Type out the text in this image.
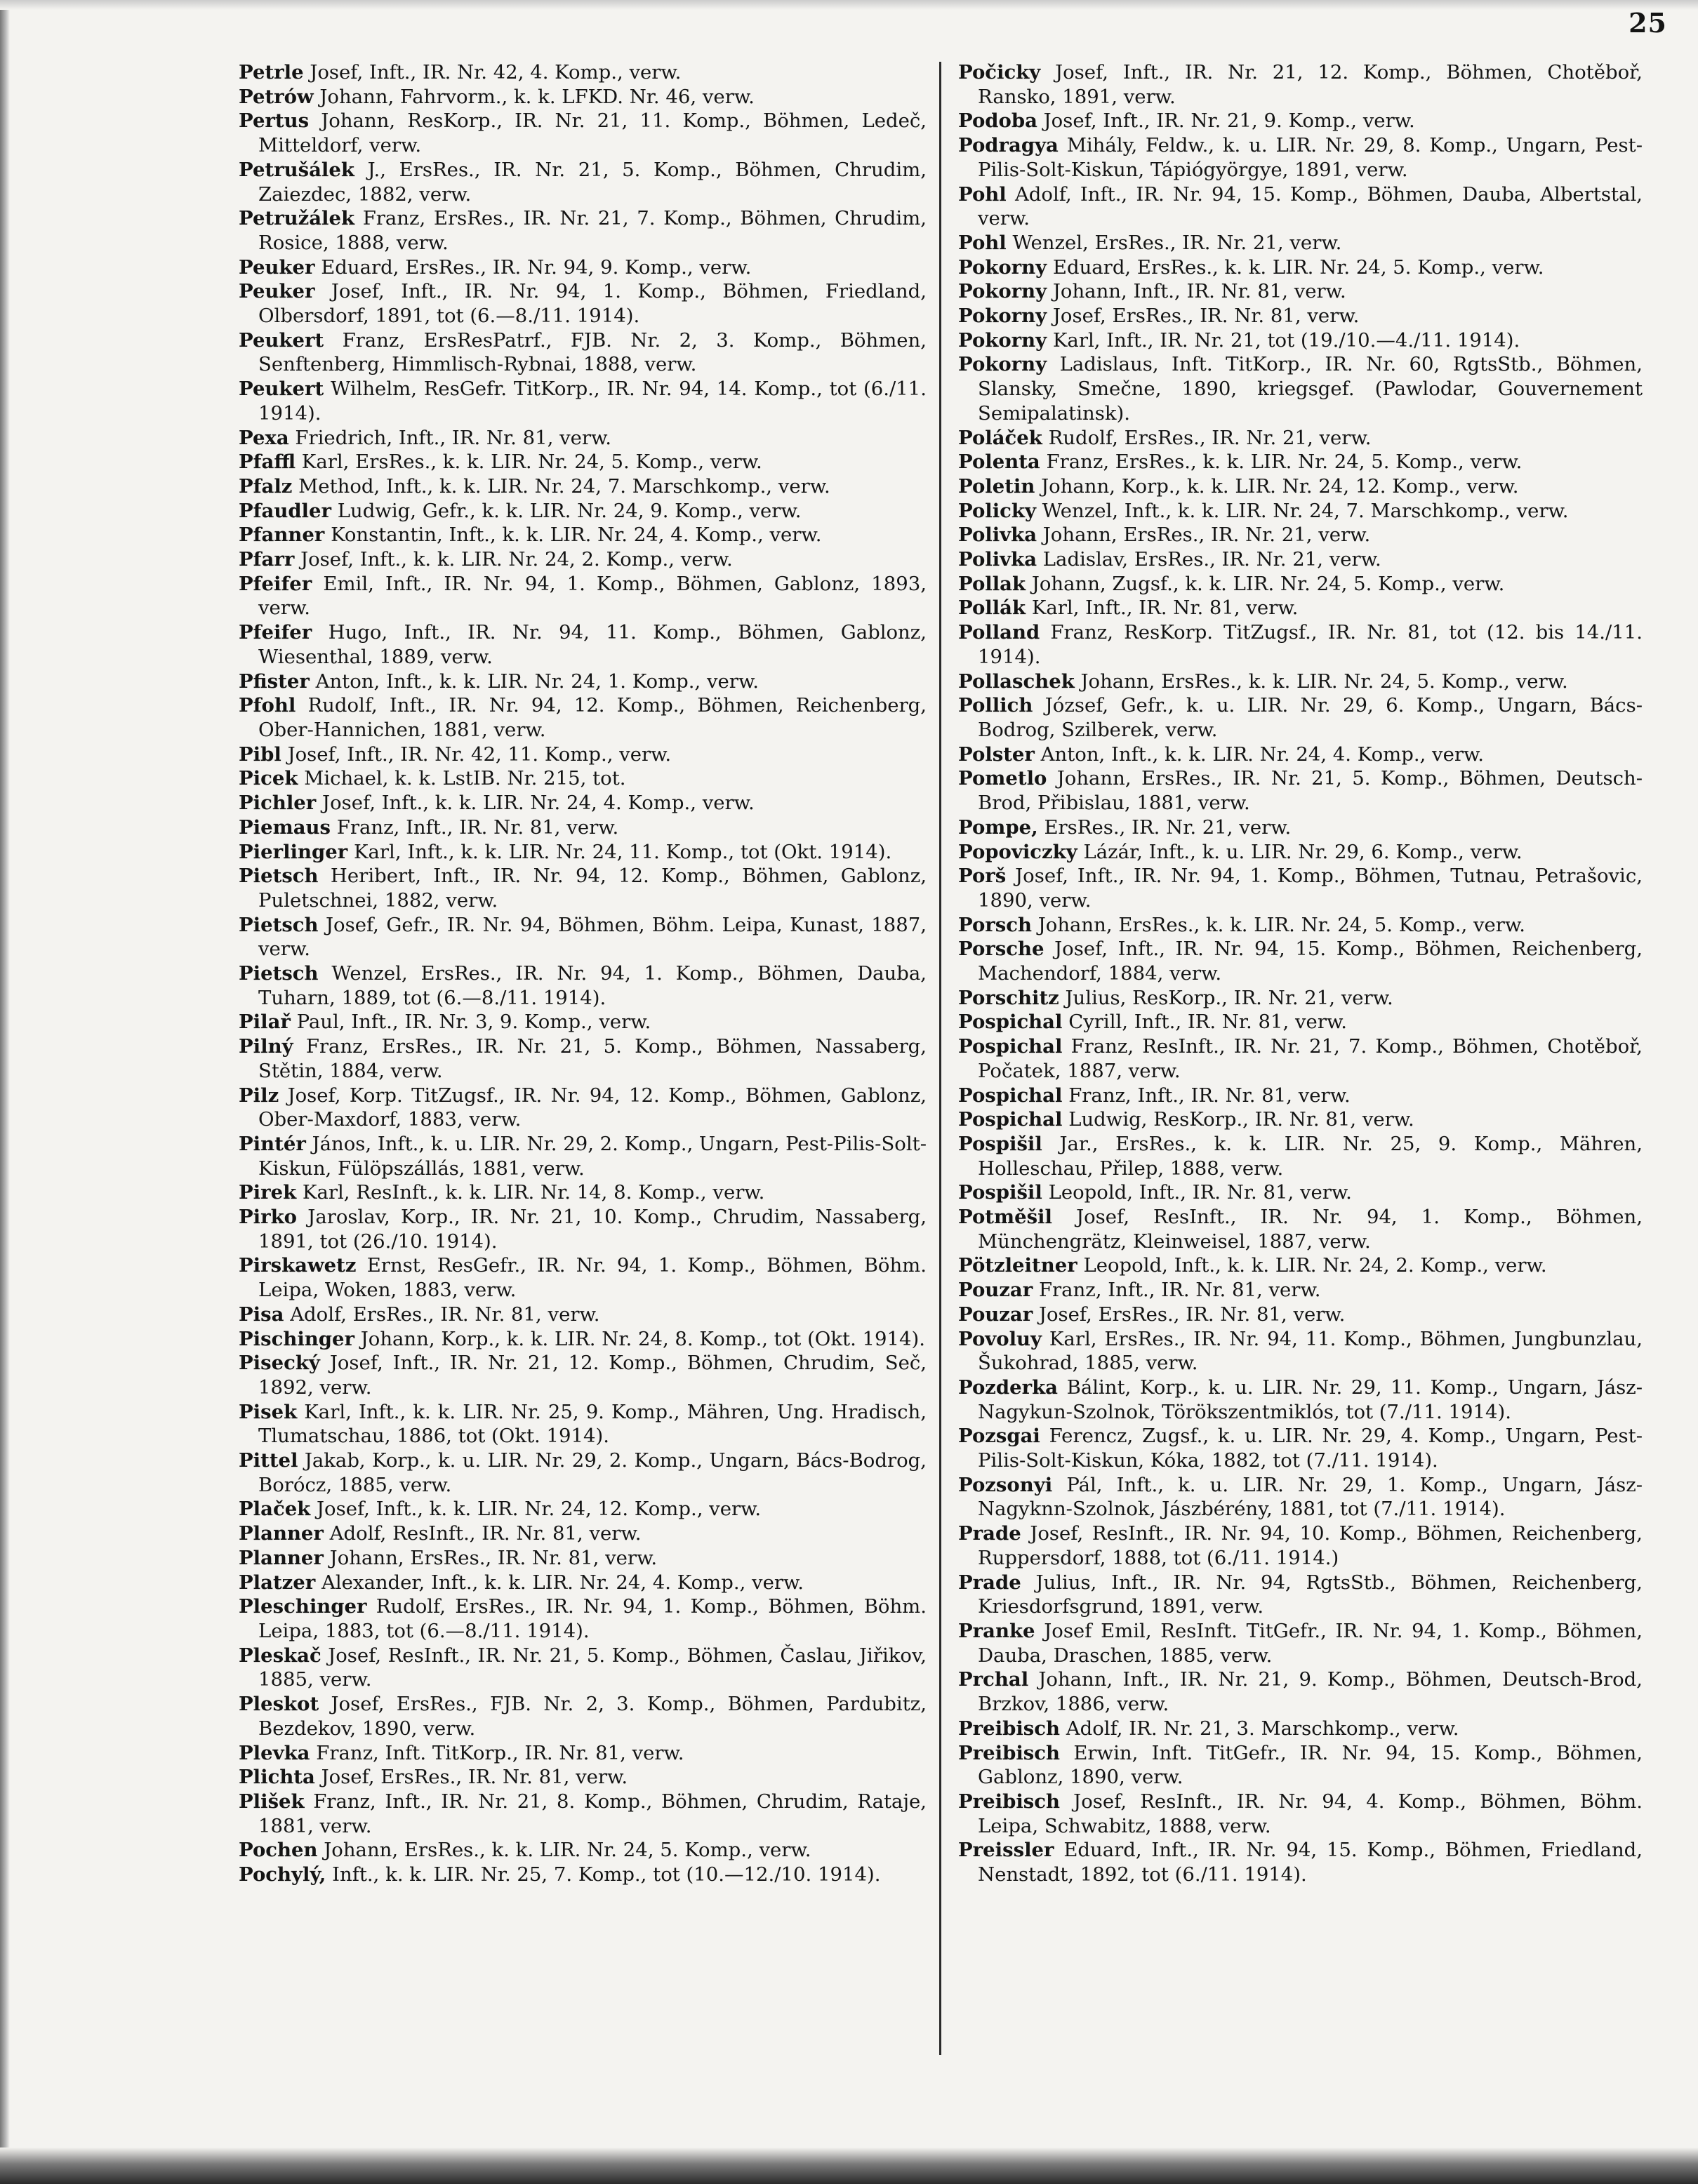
25

Petrle Josef, Inft., IR. Nr. 42, 4. Komp., verw.

Petrów Johann, Fahrvorm., k. k. LFKD. Nr. 46, verw.

Pertus Johann, ResKorp., IR. Nr. 21, 11. Komp., Böhmen, Ledeč, Mitteldorf, verw.

Petrušálek J., ErsRes., IR. Nr. 21, 5. Komp., Böhmen, Chrudim, Zaiezdec, 1882, verw.

Petružálek Franz, ErsRes., IR. Nr. 21, 7. Komp., Böhmen, Chrudim, Rosice, 1888, verw.

Peuker Eduard, ErsRes., IR. Nr. 94, 9. Komp., verw.

Peuker Josef, Inft., IR. Nr. 94, 1. Komp., Böhmen, Friedland, Olbersdorf, 1891, tot (6.—8./11. 1914).

Peukert Franz, ErsResPatrf., FJB. Nr. 2, 3. Komp., Böhmen, Senftenberg, Himmlisch-Rybnai, 1888, verw.

Peukert Wilhelm, ResGefr. TitKorp., IR. Nr. 94, 14. Komp., tot (6./11. 1914).

Pexa Friedrich, Inft., IR. Nr. 81, verw.

Pfaffl Karl, ErsRes., k. k. LIR. Nr. 24, 5. Komp., verw.

Pfalz Method, Inft., k. k. LIR. Nr. 24, 7. Marschkomp., verw.

Pfaudler Ludwig, Gefr., k. k. LIR. Nr. 24, 9. Komp., verw.

Pfanner Konstantin, Inft., k. k. LIR. Nr. 24, 4. Komp., verw.

Pfarr Josef, Inft., k. k. LIR. Nr. 24, 2. Komp., verw.

Pfeifer Emil, Inft., IR. Nr. 94, 1. Komp., Böhmen, Gablonz, 1893, verw.

Pfeifer Hugo, Inft., IR. Nr. 94, 11. Komp., Böhmen, Gablonz, Wiesenthal, 1889, verw.

Pfister Anton, Inft., k. k. LIR. Nr. 24, 1. Komp., verw.

Pfohl Rudolf, Inft., IR. Nr. 94, 12. Komp., Böhmen, Reichenberg, Ober-Hannichen, 1881, verw.

Pibl Josef, Inft., IR. Nr. 42, 11. Komp., verw.

Picek Michael, k. k. LstIB. Nr. 215, tot.

Pichler Josef, Inft., k. k. LIR. Nr. 24, 4. Komp., verw.

Piemaus Franz, Inft., IR. Nr. 81, verw.

Pierlinger Karl, Inft., k. k. LIR. Nr. 24, 11. Komp., tot (Okt. 1914).

Pietsch Heribert, Inft., IR. Nr. 94, 12. Komp., Böhmen, Gablonz, Puletschnei, 1882, verw.

Pietsch Josef, Gefr., IR. Nr. 94, Böhmen, Böhm. Leipa, Kunast, 1887, verw.

Pietsch Wenzel, ErsRes., IR. Nr. 94, 1. Komp., Böhmen, Dauba, Tuharn, 1889, tot (6.—8./11. 1914).

Pilař Paul, Inft., IR. Nr. 3, 9. Komp., verw.

Pilný Franz, ErsRes., IR. Nr. 21, 5. Komp., Böhmen, Nassaberg, Stětin, 1884, verw.

Pilz Josef, Korp. TitZugsf., IR. Nr. 94, 12. Komp., Böhmen, Gablonz, Ober-Maxdorf, 1883, verw.

Pintér János, Inft., k. u. LIR. Nr. 29, 2. Komp., Ungarn, Pest-Pilis-Solt-Kiskun, Fülöpszállás, 1881, verw.

Pirek Karl, ResInft., k. k. LIR. Nr. 14, 8. Komp., verw.

Pirko Jaroslav, Korp., IR. Nr. 21, 10. Komp., Chrudim, Nassaberg, 1891, tot (26./10. 1914).

Pirskawetz Ernst, ResGefr., IR. Nr. 94, 1. Komp., Böhmen, Böhm. Leipa, Woken, 1883, verw.

Pisa Adolf, ErsRes., IR. Nr. 81, verw.

Pischinger Johann, Korp., k. k. LIR. Nr. 24, 8. Komp., tot (Okt. 1914).

Pisecký Josef, Inft., IR. Nr. 21, 12. Komp., Böhmen, Chrudim, Seč, 1892, verw.

Pisek Karl, Inft., k. k. LIR. Nr. 25, 9. Komp., Mähren, Ung. Hradisch, Tlumatschau, 1886, tot (Okt. 1914).

Pittel Jakab, Korp., k. u. LIR. Nr. 29, 2. Komp., Ungarn, Bács-Bodrog, Borócz, 1885, verw.

Plaček Josef, Inft., k. k. LIR. Nr. 24, 12. Komp., verw.

Planner Adolf, ResInft., IR. Nr. 81, verw.

Planner Johann, ErsRes., IR. Nr. 81, verw.

Platzer Alexander, Inft., k. k. LIR. Nr. 24, 4. Komp., verw.

Pleschinger Rudolf, ErsRes., IR. Nr. 94, 1. Komp., Böhmen, Böhm. Leipa, 1883, tot (6.—8./11. 1914).

Pleskač Josef, ResInft., IR. Nr. 21, 5. Komp., Böhmen, Časlau, Jiřikov, 1885, verw.

Pleskot Josef, ErsRes., FJB. Nr. 2, 3. Komp., Böhmen, Pardubitz, Bezdekov, 1890, verw.

Plevka Franz, Inft. TitKorp., IR. Nr. 81, verw.

Plichta Josef, ErsRes., IR. Nr. 81, verw.

Plišek Franz, Inft., IR. Nr. 21, 8. Komp., Böhmen, Chrudim, Rataje, 1881, verw.

Pochen Johann, ErsRes., k. k. LIR. Nr. 24, 5. Komp., verw.

Pochylý, Inft., k. k. LIR. Nr. 25, 7. Komp., tot (10.—12./10. 1914).

Počicky Josef, Inft., IR. Nr. 21, 12. Komp., Böhmen, Chotěboř, Ransko, 1891, verw.

Podoba Josef, Inft., IR. Nr. 21, 9. Komp., verw.

Podragya Mihály, Feldw., k. u. LIR. Nr. 29, 8. Komp., Ungarn, Pest-Pilis-Solt-Kiskun, Tápiógyörgye, 1891, verw.

Pohl Adolf, Inft., IR. Nr. 94, 15. Komp., Böhmen, Dauba, Albertstal, verw.

Pohl Wenzel, ErsRes., IR. Nr. 21, verw.

Pokorny Eduard, ErsRes., k. k. LIR. Nr. 24, 5. Komp., verw.

Pokorny Johann, Inft., IR. Nr. 81, verw.

Pokorny Josef, ErsRes., IR. Nr. 81, verw.

Pokorny Karl, Inft., IR. Nr. 21, tot (19./10.—4./11. 1914).

Pokorny Ladislaus, Inft. TitKorp., IR. Nr. 60, RgtsStb., Böhmen, Slansky, Smečne, 1890, kriegsgef. (Pawlodar, Gouvernement Semipalatinsk).

Poláček Rudolf, ErsRes., IR. Nr. 21, verw.

Polenta Franz, ErsRes., k. k. LIR. Nr. 24, 5. Komp., verw.

Poletin Johann, Korp., k. k. LIR. Nr. 24, 12. Komp., verw.

Policky Wenzel, Inft., k. k. LIR. Nr. 24, 7. Marschkomp., verw.

Polivka Johann, ErsRes., IR. Nr. 21, verw.

Polivka Ladislav, ErsRes., IR. Nr. 21, verw.

Pollak Johann, Zugsf., k. k. LIR. Nr. 24, 5. Komp., verw.

Pollák Karl, Inft., IR. Nr. 81, verw.

Polland Franz, ResKorp. TitZugsf., IR. Nr. 81, tot (12. bis 14./11. 1914).

Pollaschek Johann, ErsRes., k. k. LIR. Nr. 24, 5. Komp., verw.

Pollich József, Gefr., k. u. LIR. Nr. 29, 6. Komp., Ungarn, Bács-Bodrog, Szilberek, verw.

Polster Anton, Inft., k. k. LIR. Nr. 24, 4. Komp., verw.

Pometlo Johann, ErsRes., IR. Nr. 21, 5. Komp., Böhmen, Deutsch-Brod, Přibislau, 1881, verw.

Pompe, ErsRes., IR. Nr. 21, verw.

Popoviczky Lázár, Inft., k. u. LIR. Nr. 29, 6. Komp., verw.

Porš Josef, Inft., IR. Nr. 94, 1. Komp., Böhmen, Tutnau, Petrašovic, 1890, verw.

Porsch Johann, ErsRes., k. k. LIR. Nr. 24, 5. Komp., verw.

Porsche Josef, Inft., IR. Nr. 94, 15. Komp., Böhmen, Reichenberg, Machendorf, 1884, verw.

Porschitz Julius, ResKorp., IR. Nr. 21, verw.

Pospichal Cyrill, Inft., IR. Nr. 81, verw.

Pospichal Franz, ResInft., IR. Nr. 21, 7. Komp., Böhmen, Chotěboř, Počatek, 1887, verw.

Pospichal Franz, Inft., IR. Nr. 81, verw.

Pospichal Ludwig, ResKorp., IR. Nr. 81, verw.

Pospišil Jar., ErsRes., k. k. LIR. Nr. 25, 9. Komp., Mähren, Holleschau, Přilep, 1888, verw.

Pospišil Leopold, Inft., IR. Nr. 81, verw.

Potměšil Josef, ResInft., IR. Nr. 94, 1. Komp., Böhmen, Münchengrätz, Kleinweisel, 1887, verw.

Pötzleitner Leopold, Inft., k. k. LIR. Nr. 24, 2. Komp., verw.

Pouzar Franz, Inft., IR. Nr. 81, verw.

Pouzar Josef, ErsRes., IR. Nr. 81, verw.

Povoluy Karl, ErsRes., IR. Nr. 94, 11. Komp., Böhmen, Jungbunzlau, Šukohrad, 1885, verw.

Pozderka Bálint, Korp., k. u. LIR. Nr. 29, 11. Komp., Ungarn, Jász-Nagykun-Szolnok, Törökszentmiklós, tot (7./11. 1914).

Pozsgai Ferencz, Zugsf., k. u. LIR. Nr. 29, 4. Komp., Ungarn, Pest-Pilis-Solt-Kiskun, Kóka, 1882, tot (7./11. 1914).

Pozsonyi Pál, Inft., k. u. LIR. Nr. 29, 1. Komp., Ungarn, Jász-Nagyknn-Szolnok, Jászbérény, 1881, tot (7./11. 1914).

Prade Josef, ResInft., IR. Nr. 94, 10. Komp., Böhmen, Reichenberg, Ruppersdorf, 1888, tot (6./11. 1914.)

Prade Julius, Inft., IR. Nr. 94, RgtsStb., Böhmen, Reichenberg, Kriesdorfsgrund, 1891, verw.

Pranke Josef Emil, ResInft. TitGefr., IR. Nr. 94, 1. Komp., Böhmen, Dauba, Draschen, 1885, verw.

Prchal Johann, Inft., IR. Nr. 21, 9. Komp., Böhmen, Deutsch-Brod, Brzkov, 1886, verw.

Preibisch Adolf, IR. Nr. 21, 3. Marschkomp., verw.

Preibisch Erwin, Inft. TitGefr., IR. Nr. 94, 15. Komp., Böhmen, Gablonz, 1890, verw.

Preibisch Josef, ResInft., IR. Nr. 94, 4. Komp., Böhmen, Böhm. Leipa, Schwabitz, 1888, verw.

Preissler Eduard, Inft., IR. Nr. 94, 15. Komp., Böhmen, Friedland, Nenstadt, 1892, tot (6./11. 1914).
